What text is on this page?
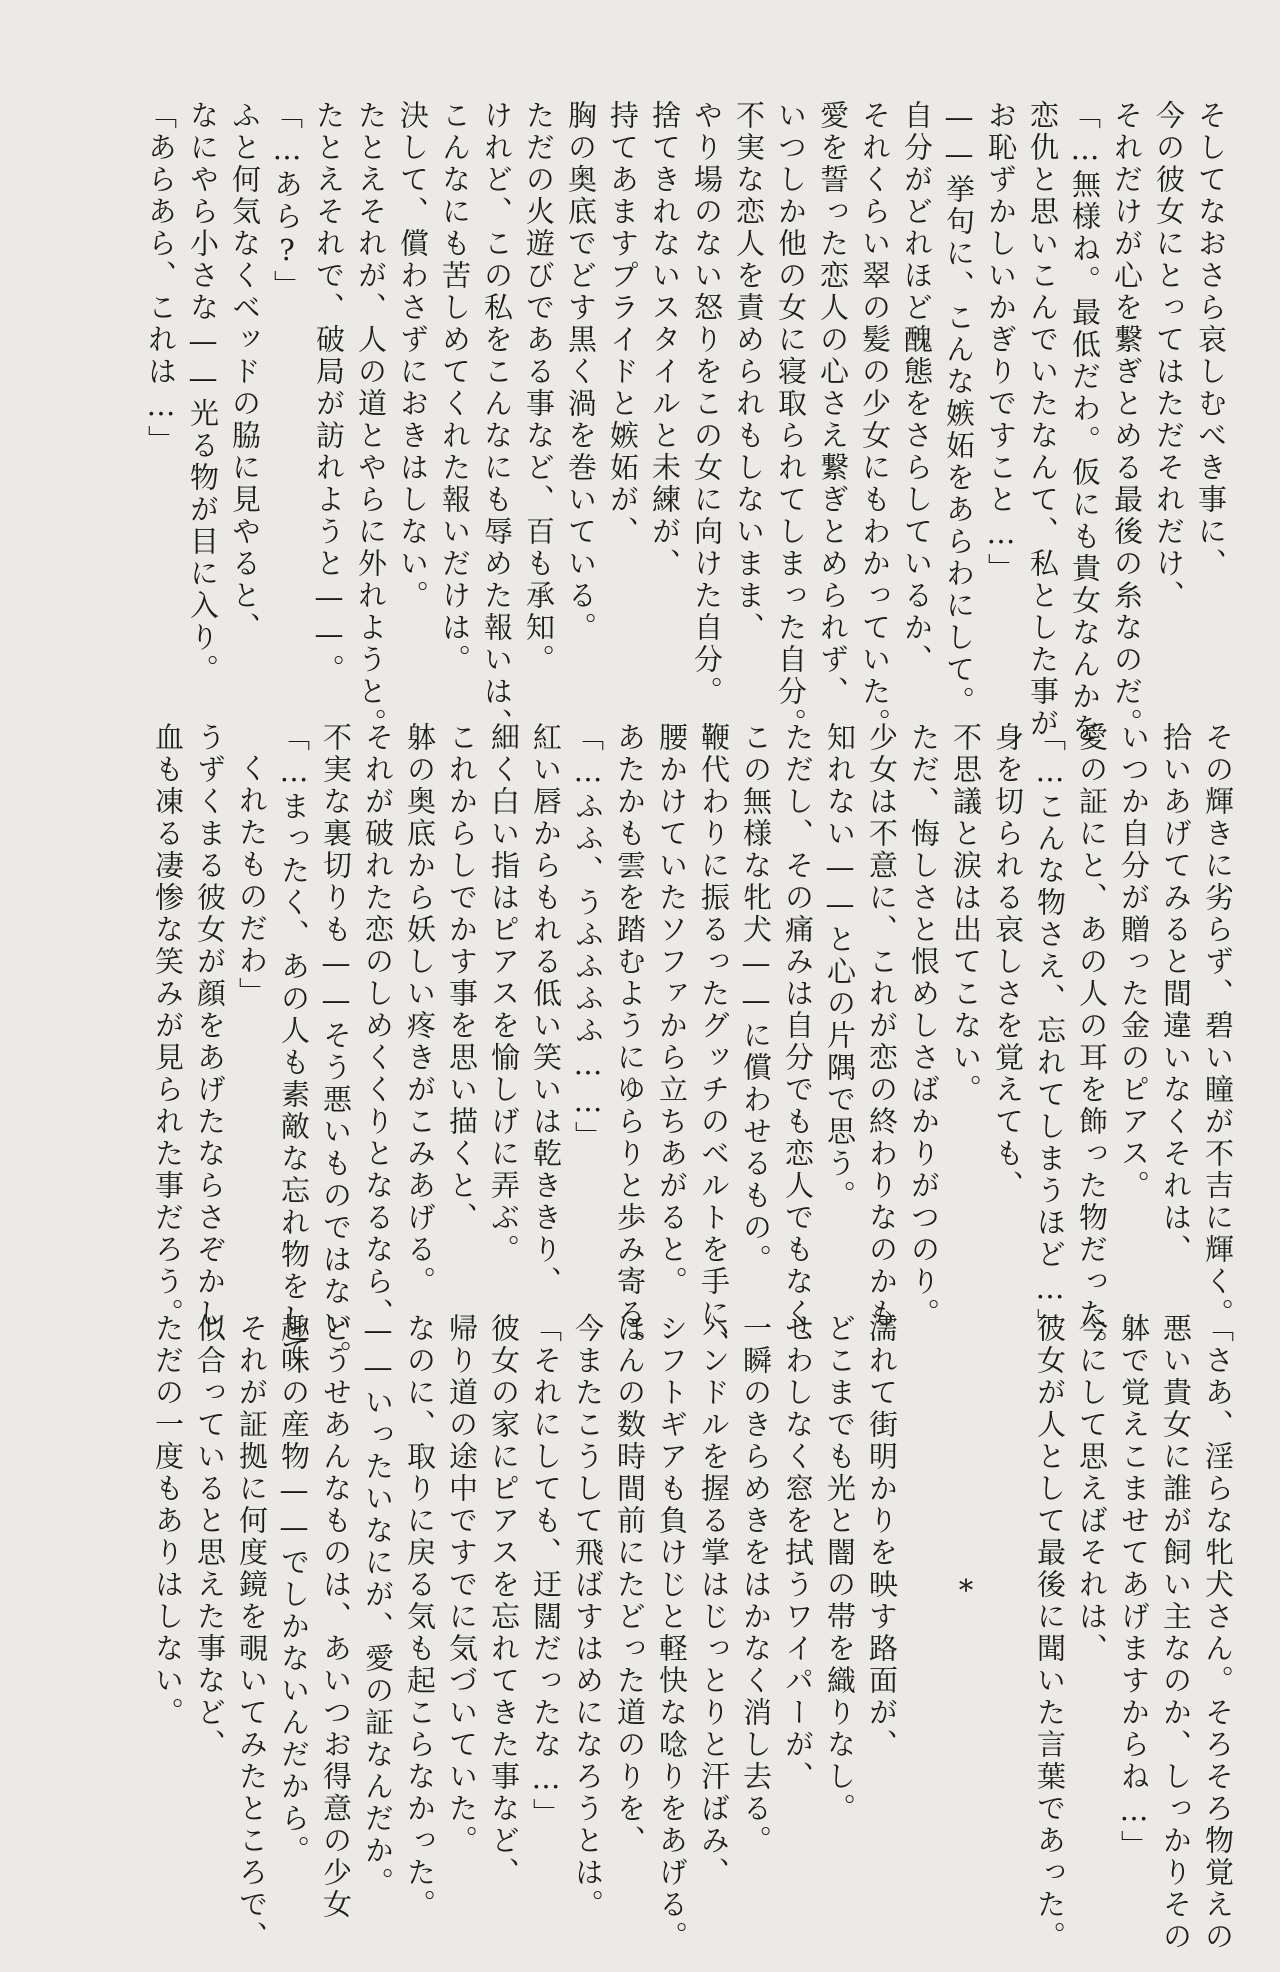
そしてなおさら哀しむべき事に、
今の彼女にとってはただそれだけ、
それだけが心を繋ぎとめる最後の糸なのだ。
「…無様ね。最低だわ。仮にも貴女なんかを
恋仇と思いこんでいたなんて、私とした事が
お恥ずかしいかぎりですこと…」
——挙句に、こんな嫉妬をあらわにして。
自分がどれほど醜態をさらしているか、
それくらい翠の髪の少女にもわかっていた。
愛を誓った恋人の心さえ繋ぎとめられず、
いつしか他の女に寝取られてしまった自分。
不実な恋人を責められもしないまま、
やり場のない怒りをこの女に向けた自分。
捨てきれないスタイルと未練が、
持てあますプライドと嫉妬が、
胸の奥底でどす黒く渦を巻いている。
ただの火遊びである事など、百も承知。
けれど、この私をこんなにも辱めた報いは、
こんなにも苦しめてくれた報いだけは。
決して、償わさずにおきはしない。
たとえそれが、人の道とやらに外れようと。
たとえそれで、破局が訪れようと——。
「…あら?」
ふと何気なくベッドの脇に見やると、
なにやら小さな——光る物が目に入り。
「あらあら、これは…」
その輝きに劣らず、碧い瞳が不吉に輝く。
拾いあげてみると間違いなくそれは、
いつか自分が贈った金のピアス。
愛の証にと、あの人の耳を飾った物だった。
「…こんな物さえ、忘れてしまうほど…」
身を切られる哀しさを覚えても、
不思議と涙は出てこない。
ただ、悔しさと恨めしさばかりがつのり。
少女は不意に、これが恋の終わりなのかも
知れない——と心の片隅で思う。
ただし、その痛みは自分でも恋人でもなく、
この無様な牝犬——に償わせるもの。
鞭代わりに振るったグッチのベルトを手に、
腰かけていたソファから立ちあがると。
あたかも雲を踏むようにゆらりと歩み寄る。
「…ふふ、うふふふふ……」
紅い唇からもれる低い笑いは乾ききり、
細く白い指はピアスを愉しげに弄ぶ。
これからしでかす事を思い描くと、
躰の奥底から妖しい疼きがこみあげる。
それが破れた恋のしめくくりとなるなら、
不実な裏切りも——そう悪いものではない。
「…まったく、あの人も素敵な忘れ物をして
くれたものだわ」
うずくまる彼女が顔をあげたならさぞかし、
血も凍る凄惨な笑みが見られた事だろう。
「さあ、淫らな牝犬さん。そろそろ物覚えの
悪い貴女に誰が飼い主なのか、しっかりその
躰で覚えこませてあげますからね…」
今にして思えばそれは、
彼女が人として最後に聞いた言葉であった。
*
濡れて街明かりを映す路面が、
どこまでも光と闇の帯を織りなし。
せわしなく窓を拭うワイパーが、
一瞬のきらめきをはかなく消し去る。
ハンドルを握る掌はじっとりと汗ばみ、
シフトギアも負けじと軽快な唸りをあげる。
ほんの数時間前にたどった道のりを、
今またこうして飛ばすはめになろうとは。
「それにしても、迂闊だったな…」
彼女の家にピアスを忘れてきた事など、
帰り道の途中ですでに気づいていた。
なのに、取りに戻る気も起こらなかった。
——いったいなにが、愛の証なんだか。
どうせあんなものは、あいつお得意の少女
趣味の産物——でしかないんだから。
それが証拠に何度鏡を覗いてみたところで、
似合っていると思えた事など、
ただの一度もありはしない。
